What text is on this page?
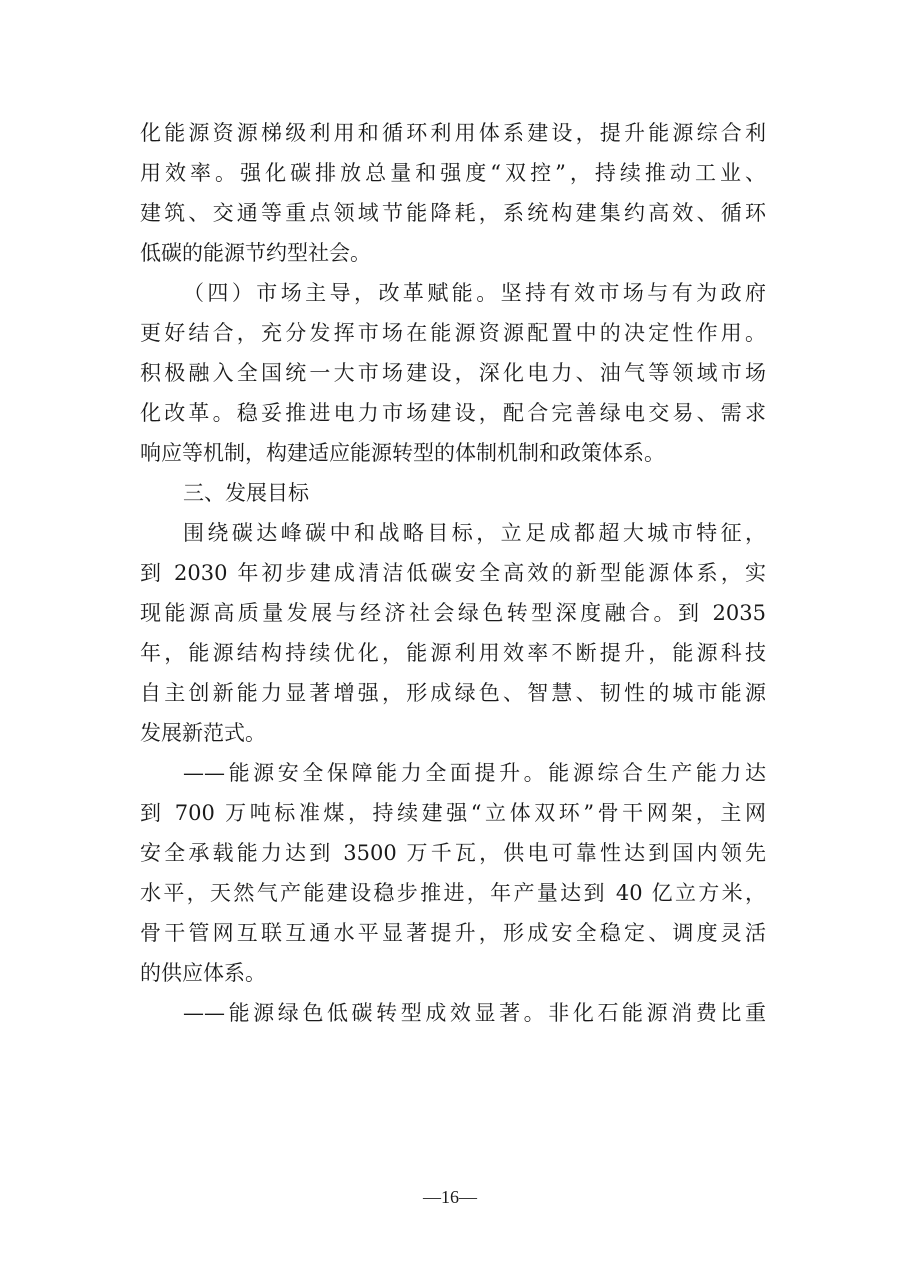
化能源资源梯级利用和循环利用体系建设，提升能源综合利
用效率。强化碳排放总量和强度“双控”，持续推动工业、
建筑、交通等重点领域节能降耗，系统构建集约高效、循环
低碳的能源节约型社会。
（四）市场主导，改革赋能。坚持有效市场与有为政府
更好结合，充分发挥市场在能源资源配置中的决定性作用。
积极融入全国统一大市场建设，深化电力、油气等领域市场
化改革。稳妥推进电力市场建设，配合完善绿电交易、需求
响应等机制，构建适应能源转型的体制机制和政策体系。
三、发展目标
围绕碳达峰碳中和战略目标，立足成都超大城市特征，
到 2030 年初步建成清洁低碳安全高效的新型能源体系，实
现能源高质量发展与经济社会绿色转型深度融合。到 2035
年，能源结构持续优化，能源利用效率不断提升，能源科技
自主创新能力显著增强，形成绿色、智慧、韧性的城市能源
发展新范式。
——能源安全保障能力全面提升。能源综合生产能力达
到 700 万吨标准煤，持续建强“立体双环”骨干网架，主网
安全承载能力达到 3500 万千瓦，供电可靠性达到国内领先
水平，天然气产能建设稳步推进，年产量达到 40 亿立方米，
骨干管网互联互通水平显著提升，形成安全稳定、调度灵活
的供应体系。
——能源绿色低碳转型成效显著。非化石能源消费比重
—16—
